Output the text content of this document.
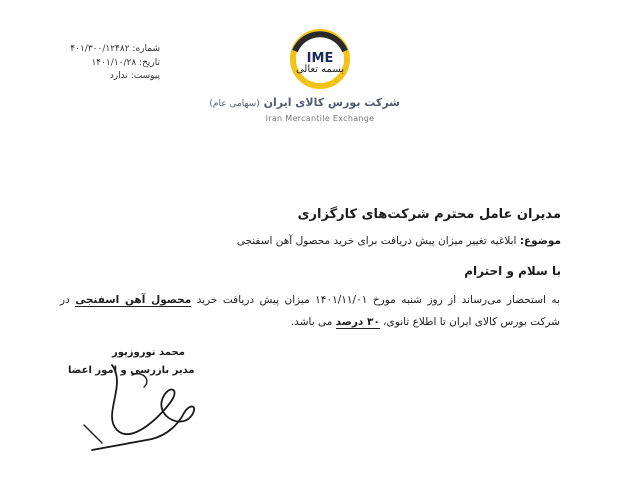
شماره: ۴۰۱/۳۰۰/۱۲۴۸۲
تاریخ: ۱۴۰۱/۱۰/۲۸
پیوست: ندارد
IME
بسمه تعالی
شرکت بورس کالای ایران (سهامی عام)
Iran Mercantile Exchange
مدیران عامل محترم شرکت‌های کارگزاری
موضوع: ابلاغیه تغییر میزان پیش دریافت برای خرید محصول آهن اسفنجی
با سلام و احترام
به استحضار می‌رساند از روز شنبه مورخ ۱۴۰۱/۱۱/۰۱ میزان پیش دریافت خرید محصول آهن اسفنجی در شرکت بورس کالای ایران تا اطلاع ثانوی، ۳۰ درصد می باشد.
محمد نوروزپور
مدیر بازرسی و امور اعضا
